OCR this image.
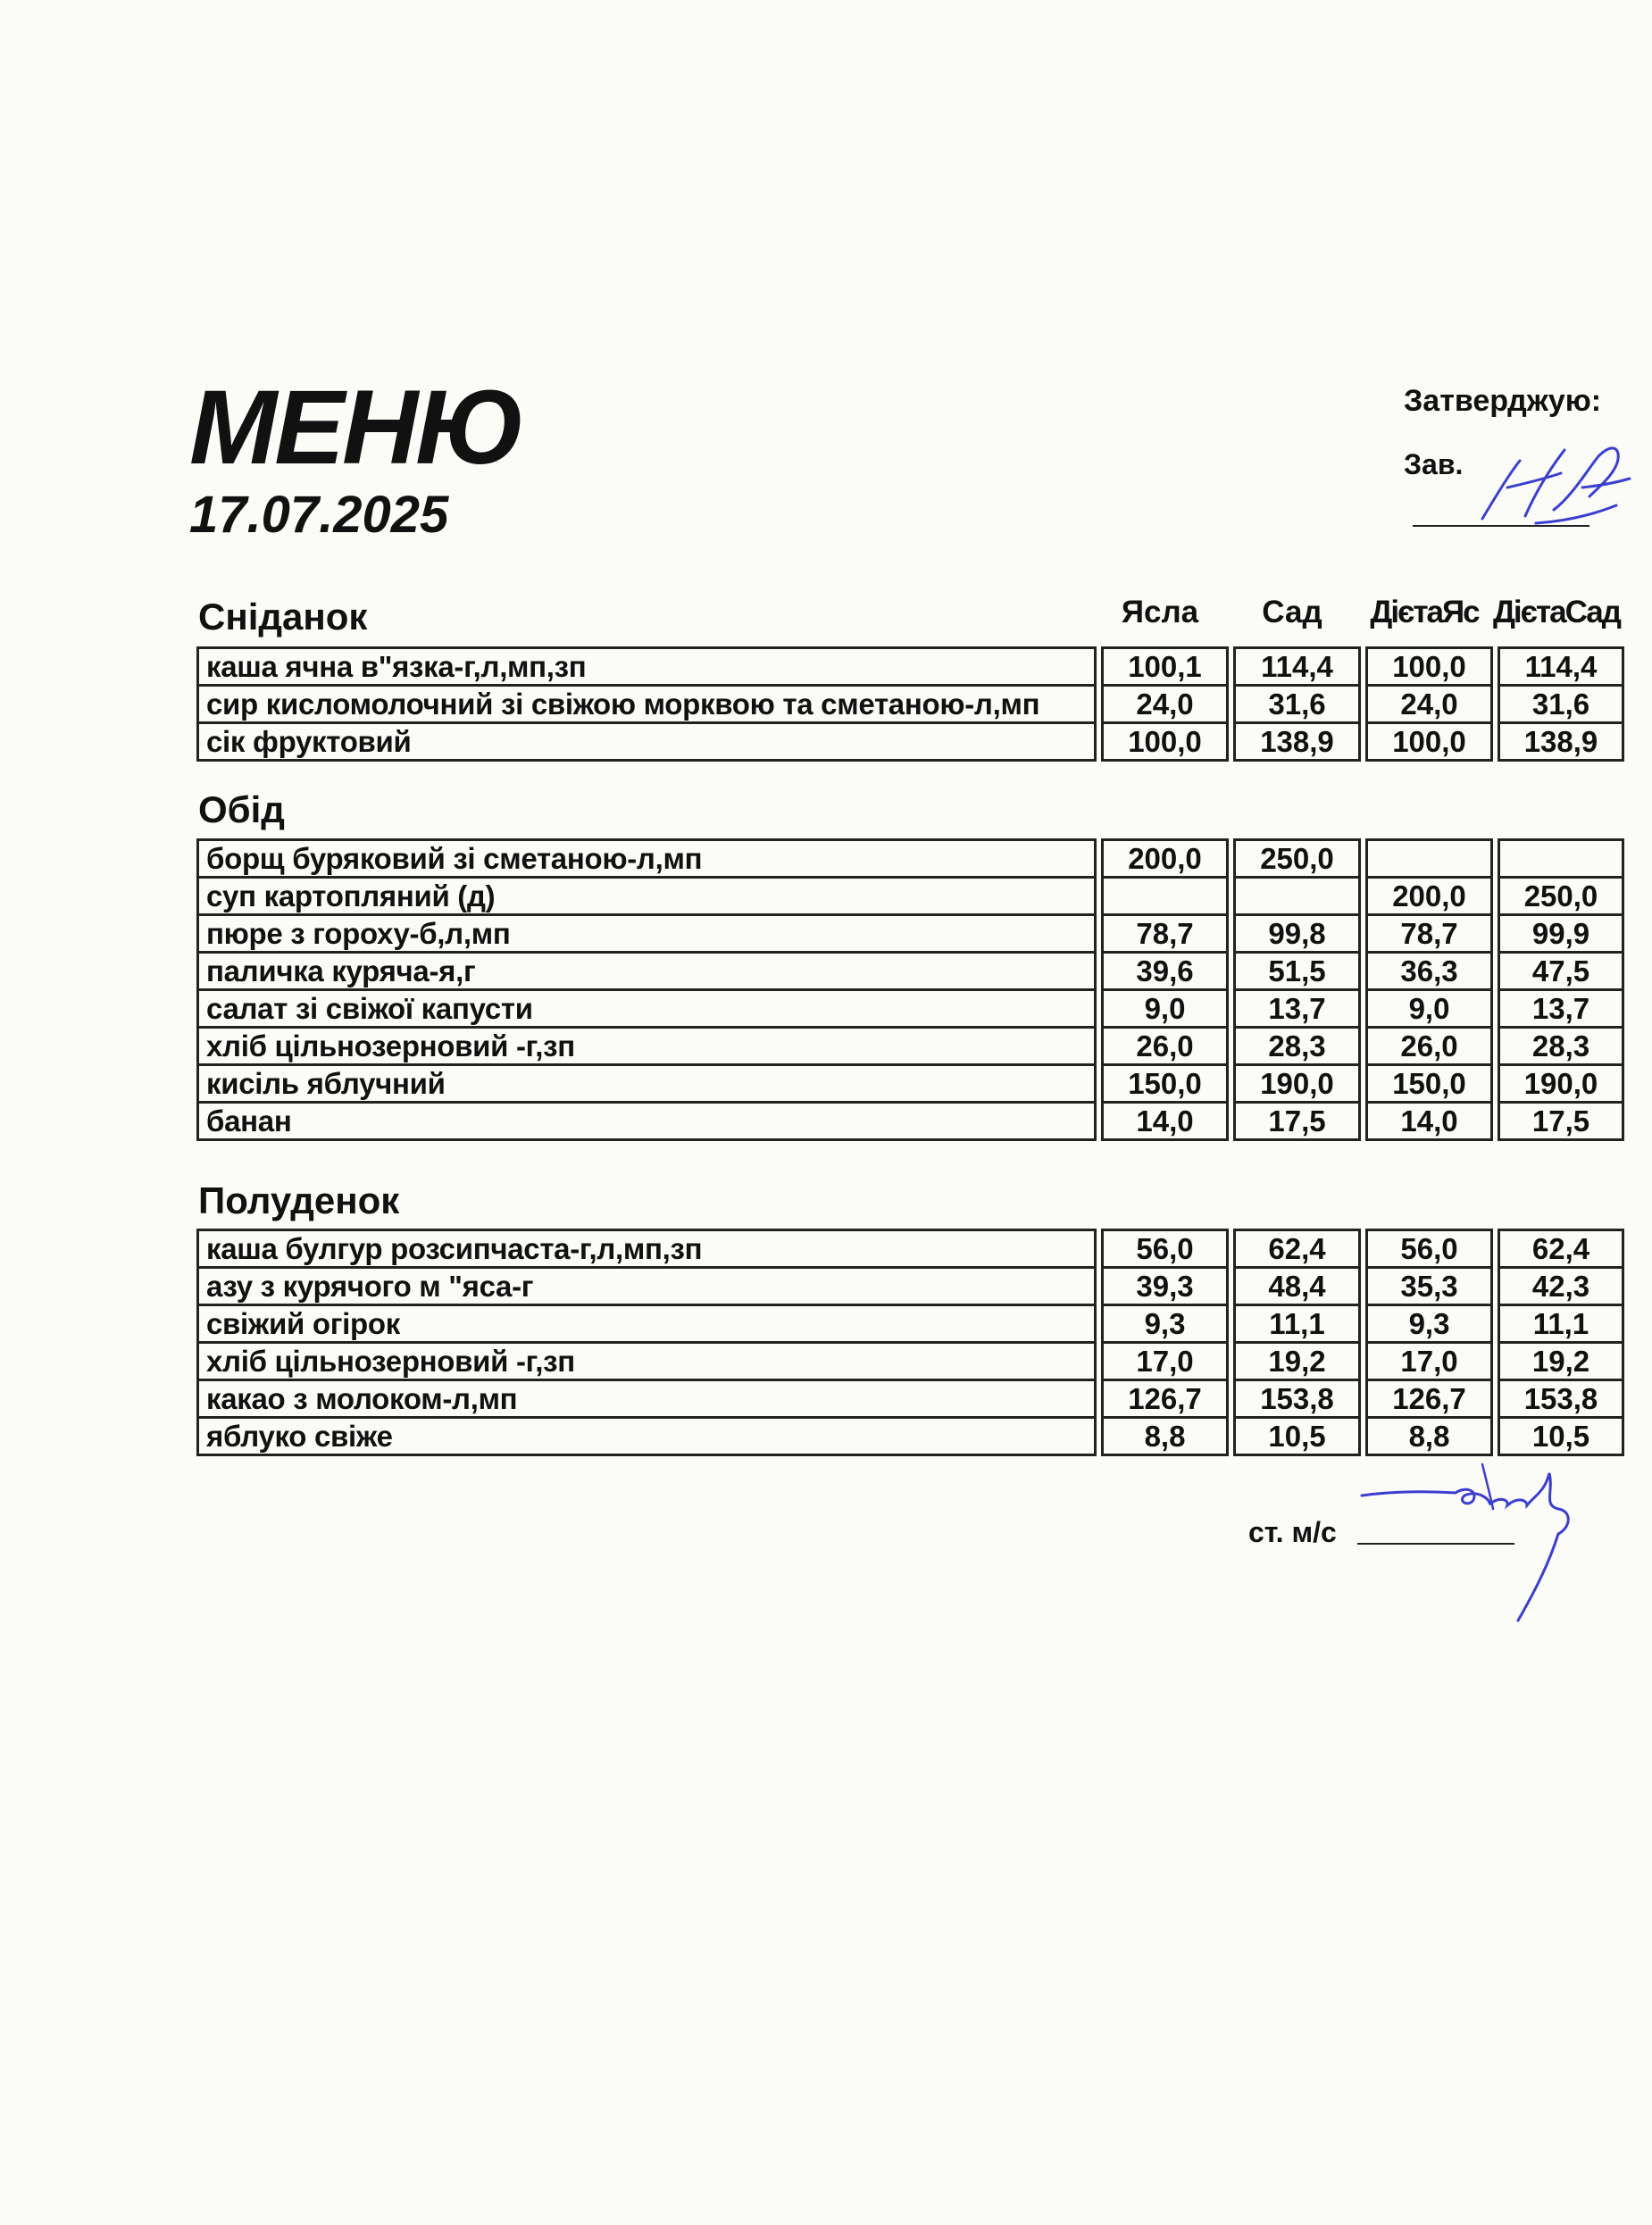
МЕНЮ
17.07.2025
Затверджую:
Зав.
Ясла	Сад	ДієтаЯс ДієтаСад
Сніданок
Обід
Полуденок
каша ячна в"язка-г,л,мп,зп	100,1	114,4	100,0	114,4
сир кисломолочний зі свіжою морквою та сметаною-л,мп	24,0	31,6	24,0	31,6
сік фруктовий	100,0	138,9	100,0	138,9
борщ буряковий зі сметаною-л,мп	200,0	250,0		
суп картопляний (д)			200,0	250,0
пюре з гороху-б,л,мп	78,7	99,8	78,7	99,9
паличка куряча-я,г	39,6	51,5	36,3	47,5
салат зі свіжої капусти	9,0	13,7	9,0	13,7
хліб цільнозерновий -г,зп	26,0	28,3	26,0	28,3
кисіль яблучний	150,0	190,0	150,0	190,0
банан	14,0	17,5	14,0	17,5
каша булгур розсипчаста-г,л,мп,зп	56,0	62,4	56,0	62,4
азу з курячого м "яса-г	39,3	48,4	35,3	42,3
свіжий огірок	9,3	11,1	9,3	11,1
хліб цільнозерновий -г,зп	17,0	19,2	17,0	19,2
какао з молоком-л,мп	126,7	153,8	126,7	153,8
яблуко свіже	8,8	10,5	8,8	10,5
ст. м/с
